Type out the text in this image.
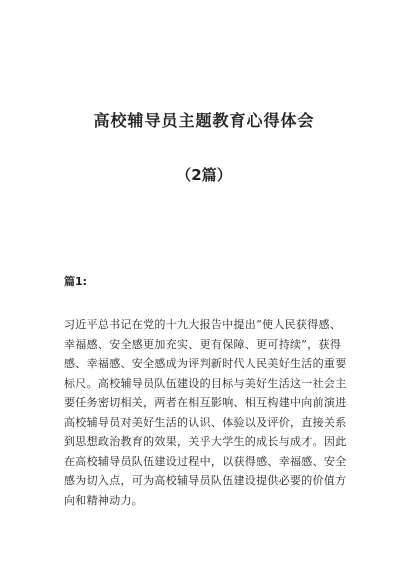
高校辅导员主题教育心得体会
（2篇）
篇1:
习近平总书记在党的十九大报告中提出“使人民获得感、
幸福感、安全感更加充实、更有保障、更可持续”，获得
感、幸福感、安全感成为评判新时代人民美好生活的重要
标尺。高校辅导员队伍建设的目标与美好生活这一社会主
要任务密切相关，两者在相互影响、相互构建中向前演进
高校辅导员对美好生活的认识、体验以及评价，直接关系
到思想政治教育的效果，关乎大学生的成长与成才。因此
在高校辅导员队伍建设过程中，以获得感、幸福感、安全
感为切入点，可为高校辅导员队伍建设提供必要的价值方
向和精神动力。
